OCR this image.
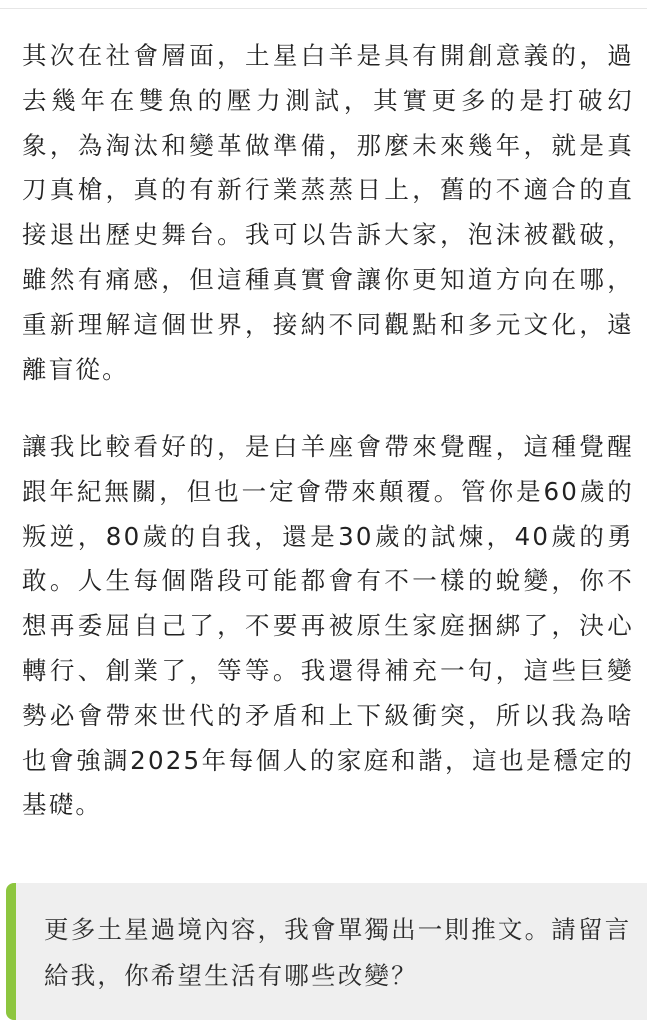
其次在社會層面，土星白羊是具有開創意義的，過去幾年在雙魚的壓力測試，其實更多的是打破幻象，為淘汰和變革做準備，那麼未來幾年，就是真刀真槍，真的有新行業蒸蒸日上，舊的不適合的直接退出歷史舞台。我可以告訴大家，泡沫被戳破，雖然有痛感，但這種真實會讓你更知道方向在哪，重新理解這個世界，接納不同觀點和多元文化，遠離盲從。

讓我比較看好的，是白羊座會帶來覺醒，這種覺醒跟年紀無關，但也一定會帶來顛覆。管你是60歲的叛逆，80歲的自我，還是30歲的試煉，40歲的勇敢。人生每個階段可能都會有不一樣的蛻變，你不想再委屈自己了，不要再被原生家庭捆綁了，決心轉行、創業了，等等。我還得補充一句，這些巨變勢必會帶來世代的矛盾和上下級衝突，所以我為啥也會強調2025年每個人的家庭和諧，這也是穩定的基礎。

更多土星過境內容，我會單獨出一則推文。請留言給我，你希望生活有哪些改變？
